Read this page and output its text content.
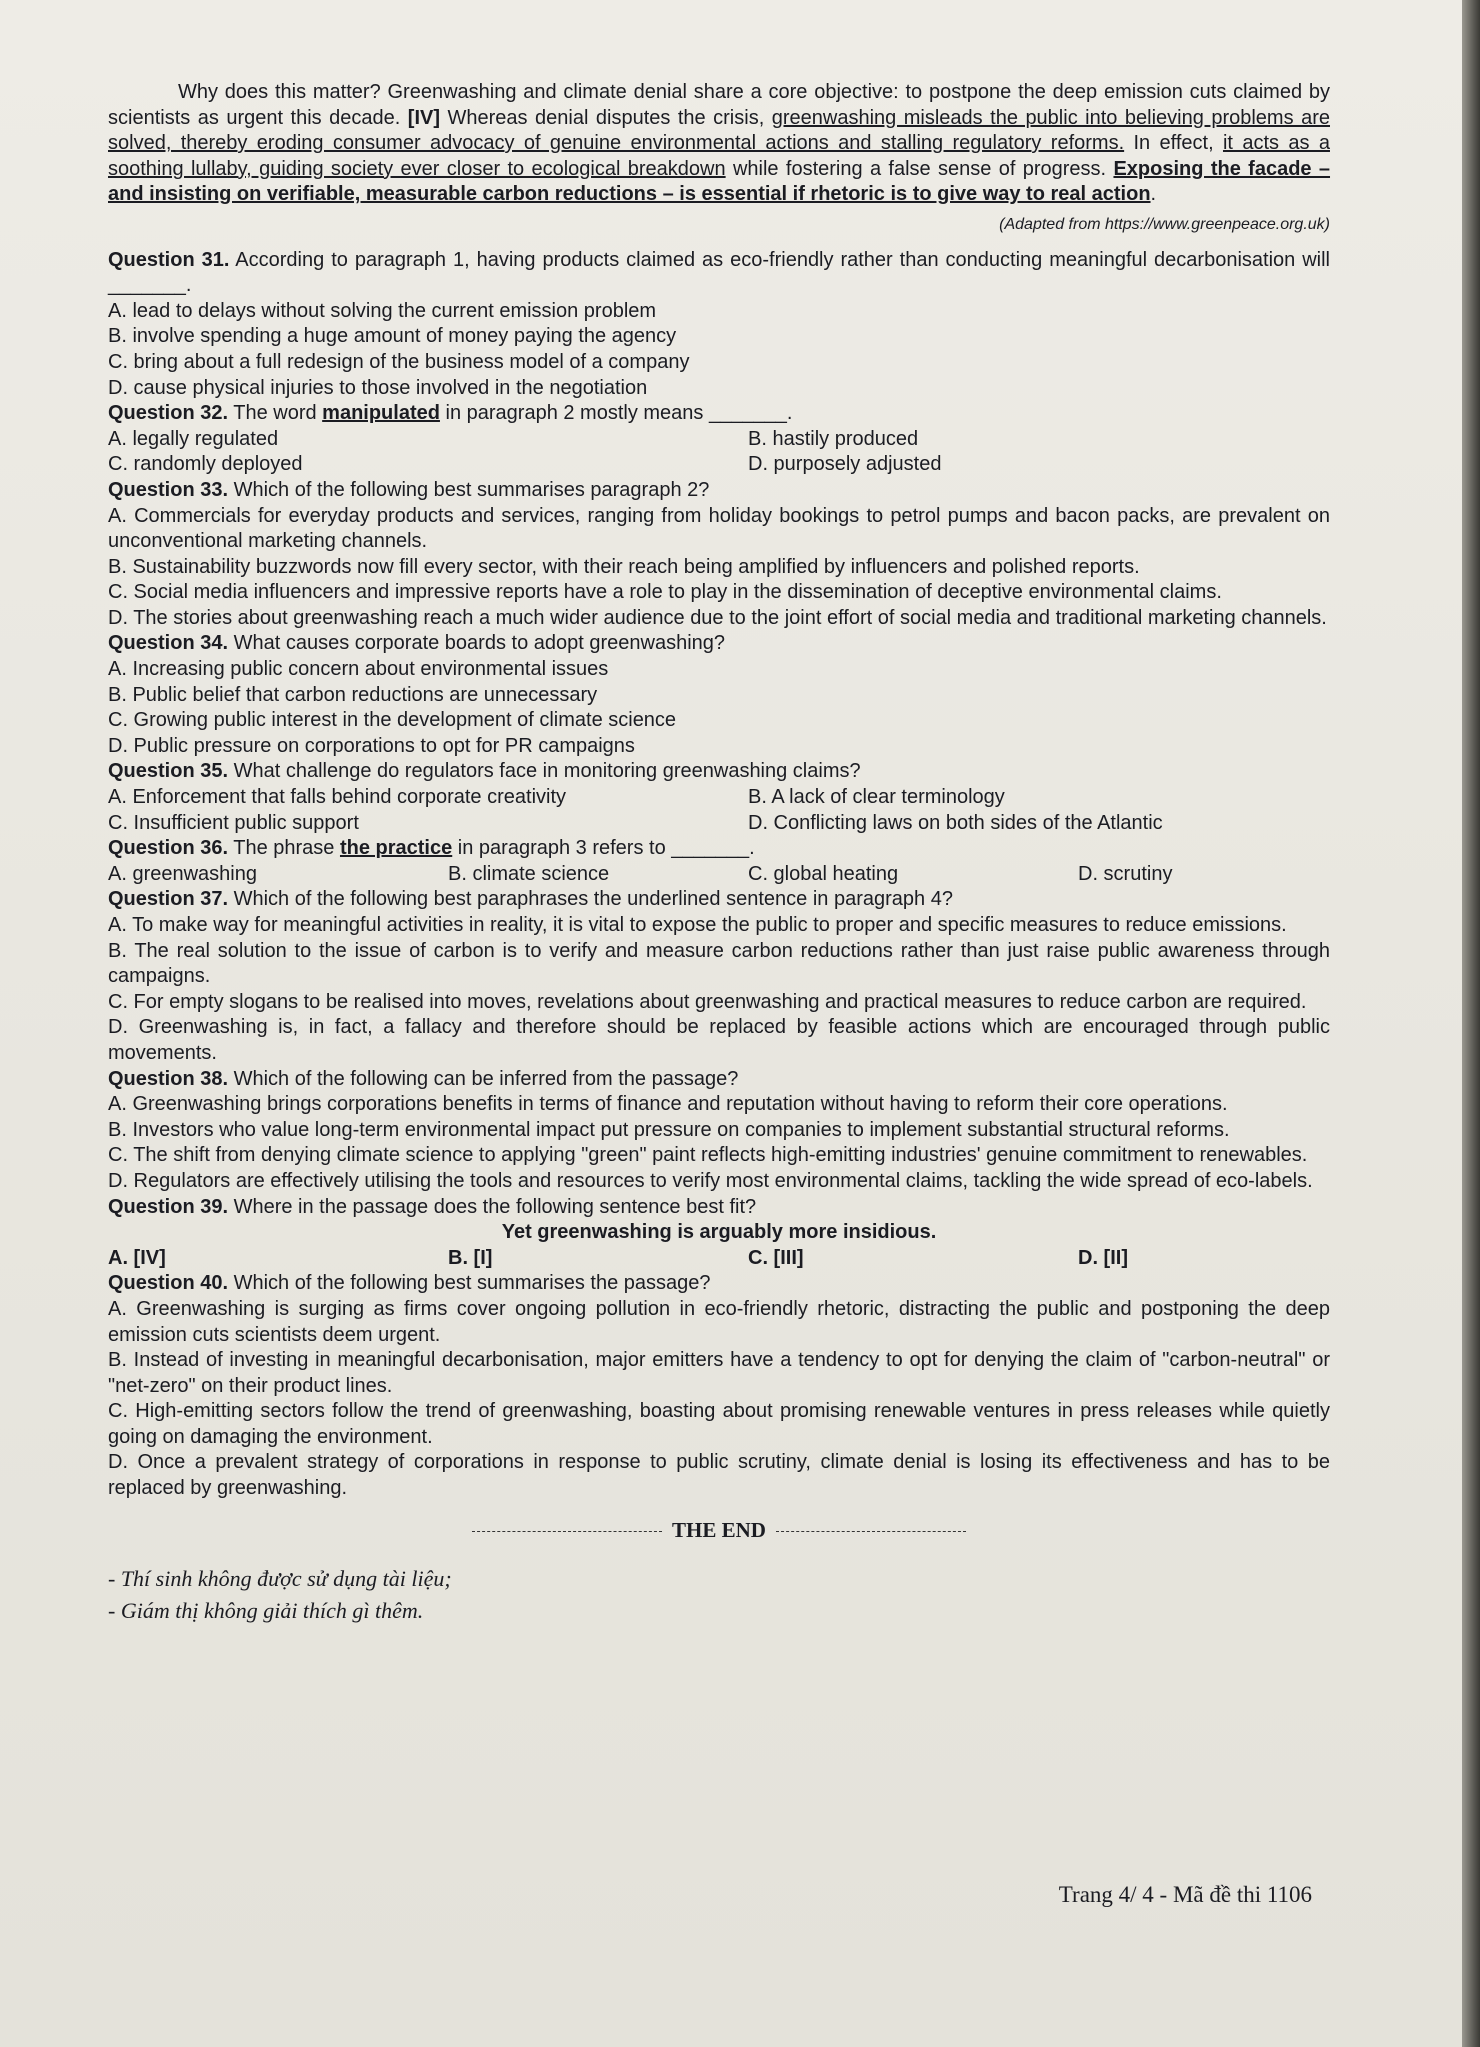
Why does this matter? Greenwashing and climate denial share a core objective: to postpone the deep emission cuts claimed by scientists as urgent this decade. [IV] Whereas denial disputes the crisis, greenwashing misleads the public into believing problems are solved, thereby eroding consumer advocacy of genuine environmental actions and stalling regulatory reforms. In effect, it acts as a soothing lullaby, guiding society ever closer to ecological breakdown while fostering a false sense of progress. Exposing the facade – and insisting on verifiable, measurable carbon reductions – is essential if rhetoric is to give way to real action.

(Adapted from https://www.greenpeace.org.uk)
Question 31. According to paragraph 1, having products claimed as eco-friendly rather than conducting meaningful decarbonisation will _______.
A. lead to delays without solving the current emission problem
B. involve spending a huge amount of money paying the agency
C. bring about a full redesign of the business model of a company
D. cause physical injuries to those involved in the negotiation
Question 32. The word manipulated in paragraph 2 mostly means _______.
A. legally regulated	B. hastily produced
C. randomly deployed	D. purposely adjusted
Question 33. Which of the following best summarises paragraph 2?
A. Commercials for everyday products and services, ranging from holiday bookings to petrol pumps and bacon packs, are prevalent on unconventional marketing channels.
B. Sustainability buzzwords now fill every sector, with their reach being amplified by influencers and polished reports.
C. Social media influencers and impressive reports have a role to play in the dissemination of deceptive environmental claims.
D. The stories about greenwashing reach a much wider audience due to the joint effort of social media and traditional marketing channels.
Question 34. What causes corporate boards to adopt greenwashing?
A. Increasing public concern about environmental issues
B. Public belief that carbon reductions are unnecessary
C. Growing public interest in the development of climate science
D. Public pressure on corporations to opt for PR campaigns
Question 35. What challenge do regulators face in monitoring greenwashing claims?
A. Enforcement that falls behind corporate creativity	B. A lack of clear terminology
C. Insufficient public support	D. Conflicting laws on both sides of the Atlantic
Question 36. The phrase the practice in paragraph 3 refers to _______.
A. greenwashing	B. climate science	C. global heating	D. scrutiny
Question 37. Which of the following best paraphrases the underlined sentence in paragraph 4?
A. To make way for meaningful activities in reality, it is vital to expose the public to proper and specific measures to reduce emissions.
B. The real solution to the issue of carbon is to verify and measure carbon reductions rather than just raise public awareness through campaigns.
C. For empty slogans to be realised into moves, revelations about greenwashing and practical measures to reduce carbon are required.
D. Greenwashing is, in fact, a fallacy and therefore should be replaced by feasible actions which are encouraged through public movements.
Question 38. Which of the following can be inferred from the passage?
A. Greenwashing brings corporations benefits in terms of finance and reputation without having to reform their core operations.
B. Investors who value long-term environmental impact put pressure on companies to implement substantial structural reforms.
C. The shift from denying climate science to applying "green" paint reflects high-emitting industries' genuine commitment to renewables.
D. Regulators are effectively utilising the tools and resources to verify most environmental claims, tackling the wide spread of eco-labels.
Question 39. Where in the passage does the following sentence best fit?
Yet greenwashing is arguably more insidious.
A. [IV]	B. [I]	C. [III]	D. [II]
Question 40. Which of the following best summarises the passage?
A. Greenwashing is surging as firms cover ongoing pollution in eco-friendly rhetoric, distracting the public and postponing the deep emission cuts scientists deem urgent.
B. Instead of investing in meaningful decarbonisation, major emitters have a tendency to opt for denying the claim of "carbon-neutral" or "net-zero" on their product lines.
C. High-emitting sectors follow the trend of greenwashing, boasting about promising renewable ventures in press releases while quietly going on damaging the environment.
D. Once a prevalent strategy of corporations in response to public scrutiny, climate denial is losing its effectiveness and has to be replaced by greenwashing.
THE END
- Thí sinh không được sử dụng tài liệu;
- Giám thị không giải thích gì thêm.
Trang 4/ 4 - Mã đề thi 1106
